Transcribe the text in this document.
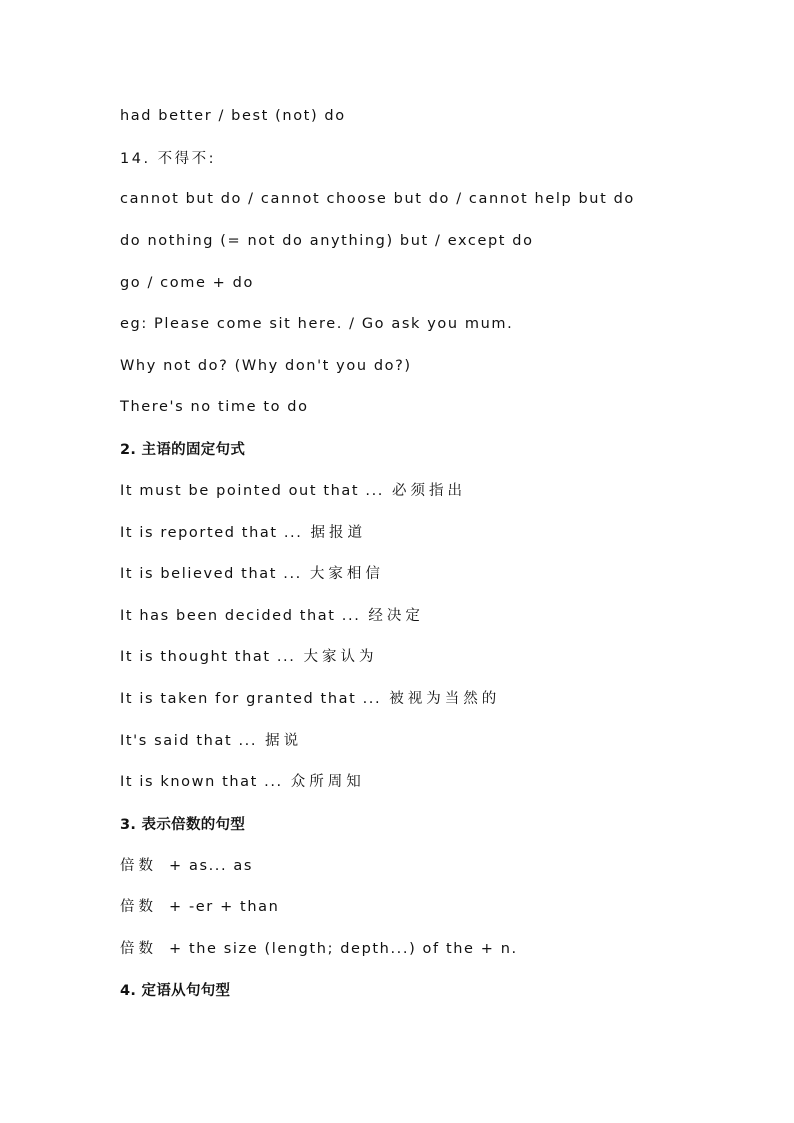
had better / best (not) do
14. 不得不:
cannot but do / cannot choose but do / cannot help but do
do nothing (= not do anything) but / except do
go / come + do
eg: Please come sit here. / Go ask you mum.
Why not do? (Why don't you do?)
There's no time to do
2. 主语的固定句式
It must be pointed out that ... 必须指出
It is reported that ... 据报道
It is believed that ... 大家相信
It has been decided that ... 经决定
It is thought that ... 大家认为
It is taken for granted that ... 被视为当然的
It's said that ... 据说
It is known that ... 众所周知
3. 表示倍数的句型
倍数 + as... as
倍数 + -er + than
倍数 + the size (length; depth...) of the + n.
4. 定语从句句型
